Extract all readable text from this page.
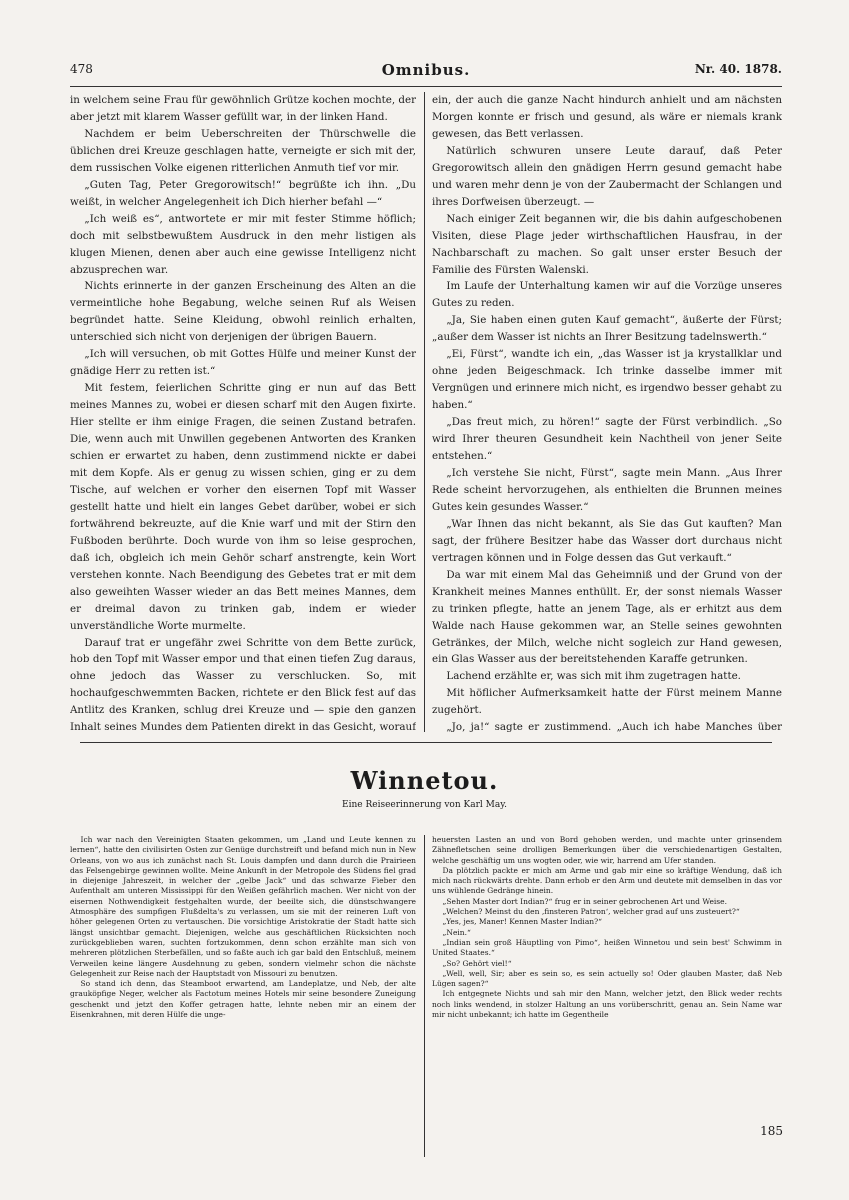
478	Omnibus.	Nr. 40. 1878.

in welchem seine Frau für gewöhnlich Grütze kochen mochte, der aber jetzt mit klarem Wasser gefüllt war, in der linken Hand.

Nachdem er beim Ueberschreiten der Thürschwelle die üblichen drei Kreuze geschlagen hatte, verneigte er sich mit der, dem russischen Volke eigenen ritterlichen Anmuth tief vor mir.

„Guten Tag, Peter Gregorowitsch!“ begrüßte ich ihn. „Du weißt, in welcher Angelegenheit ich Dich hierher befahl —“

„Ich weiß es“, antwortete er mir mit fester Stimme höflich; doch mit selbstbewußtem Ausdruck in den mehr listigen als klugen Mienen, denen aber auch eine gewisse Intelligenz nicht abzusprechen war.

Nichts erinnerte in der ganzen Erscheinung des Alten an die vermeintliche hohe Begabung, welche seinen Ruf als Weisen begründet hatte. Seine Kleidung, obwohl reinlich erhalten, unterschied sich nicht von derjenigen der übrigen Bauern.

„Ich will versuchen, ob mit Gottes Hülfe und meiner Kunst der gnädige Herr zu retten ist.“

Mit festem, feierlichen Schritte ging er nun auf das Bett meines Mannes zu, wobei er diesen scharf mit den Augen fixirte. Hier stellte er ihm einige Fragen, die seinen Zustand betrafen. Die, wenn auch mit Unwillen gegebenen Antworten des Kranken schien er erwartet zu haben, denn zustimmend nickte er dabei mit dem Kopfe. Als er genug zu wissen schien, ging er zu dem Tische, auf welchen er vorher den eisernen Topf mit Wasser gestellt hatte und hielt ein langes Gebet darüber, wobei er sich fortwährend bekreuzte, auf die Knie warf und mit der Stirn den Fußboden berührte. Doch wurde von ihm so leise gesprochen, daß ich, obgleich ich mein Gehör scharf anstrengte, kein Wort verstehen konnte. Nach Beendigung des Gebetes trat er mit dem also geweihten Wasser wieder an das Bett meines Mannes, dem er dreimal davon zu trinken gab, indem er wieder unverständliche Worte murmelte.

Darauf trat er ungefähr zwei Schritte von dem Bette zurück, hob den Topf mit Wasser empor und that einen tiefen Zug daraus, ohne jedoch das Wasser zu verschlucken. So, mit hochaufgeschwemmten Backen, richtete er den Blick fest auf das Antlitz des Kranken, schlug drei Kreuze und — spie den ganzen Inhalt seines Mundes dem Patienten direkt in das Gesicht, worauf

ein, der auch die ganze Nacht hindurch anhielt und am nächsten Morgen konnte er frisch und gesund, als wäre er niemals krank gewesen, das Bett verlassen.

Natürlich schwuren unsere Leute darauf, daß Peter Gregorowitsch allein den gnädigen Herrn gesund gemacht habe und waren mehr denn je von der Zaubermacht der Schlangen und ihres Dorfweisen überzeugt. —

Nach einiger Zeit begannen wir, die bis dahin aufgeschobenen Visiten, diese Plage jeder wirthschaftlichen Hausfrau, in der Nachbarschaft zu machen. So galt unser erster Besuch der Familie des Fürsten Walenski.

Im Laufe der Unterhaltung kamen wir auf die Vorzüge unseres Gutes zu reden.

„Ja, Sie haben einen guten Kauf gemacht“, äußerte der Fürst; „außer dem Wasser ist nichts an Ihrer Besitzung tadelnswerth.“

„Ei, Fürst“, wandte ich ein, „das Wasser ist ja krystallklar und ohne jeden Beigeschmack. Ich trinke dasselbe immer mit Vergnügen und erinnere mich nicht, es irgendwo besser gehabt zu haben.“

„Das freut mich, zu hören!“ sagte der Fürst verbindlich. „So wird Ihrer theuren Gesundheit kein Nachtheil von jener Seite entstehen.“

„Ich verstehe Sie nicht, Fürst“, sagte mein Mann. „Aus Ihrer Rede scheint hervorzugehen, als enthielten die Brunnen meines Gutes kein gesundes Wasser.“

„War Ihnen das nicht bekannt, als Sie das Gut kauften? Man sagt, der frühere Besitzer habe das Wasser dort durchaus nicht vertragen können und in Folge dessen das Gut verkauft.“

Da war mit einem Mal das Geheimniß und der Grund von der Krankheit meines Mannes enthüllt. Er, der sonst niemals Wasser zu trinken pflegte, hatte an jenem Tage, als er erhitzt aus dem Walde nach Hause gekommen war, an Stelle seines gewohnten Getränkes, der Milch, welche nicht sogleich zur Hand gewesen, ein Glas Wasser aus der bereitstehenden Karaffe getrunken.

Lachend erzählte er, was sich mit ihm zugetragen hatte.

Mit höflicher Aufmerksamkeit hatte der Fürst meinem Manne zugehört.

„Jo, ja!“ sagte er zustimmend. „Auch ich habe Manches über

Winnetou.
Eine Reiseerinnerung von Karl May.

Ich war nach den Vereinigten Staaten gekommen, um „Land und Leute kennen zu lernen“, hatte den civilisirten Osten zur Genüge durchstreift und befand mich nun in New Orleans, von wo aus ich zunächst nach St. Louis dampfen und dann durch die Prairieen das Felsengebirge gewinnen wollte. Meine Ankunft in der Metropole des Südens fiel grad in diejenige Jahreszeit, in welcher der „gelbe Jack“ und das schwarze Fieber den Aufenthalt am unteren Mississippi für den Weißen gefährlich machen. Wer nicht von der eisernen Nothwendigkeit festgehalten wurde, der beeilte sich, die dünstschwangere Atmosphäre des sumpfigen Flußdelta's zu verlassen, um sie mit der reineren Luft von höher gelegenen Orten zu vertauschen. Die vorsichtige Aristokratie der Stadt hatte sich längst unsichtbar gemacht. Diejenigen, welche aus geschäftlichen Rücksichten noch zurückgeblieben waren, suchten fortzukommen, denn schon erzählte man sich von mehreren plötzlichen Sterbefällen, und so faßte auch ich gar bald den Entschluß, meinem Verweilen keine längere Ausdehnung zu geben, sondern vielmehr schon die nächste Gelegenheit zur Reise nach der Hauptstadt von Missouri zu benutzen.

So stand ich denn, das Steamboot erwartend, am Landeplatze, und Neb, der alte grauköpfige Neger, welcher als Factotum meines Hotels mir seine besondere Zuneigung geschenkt und jetzt den Koffer getragen hatte, lehnte neben mir an einem der Eisenkrahnen, mit deren Hülfe die unge-

heuersten Lasten an und von Bord gehoben werden, und machte unter grinsendem Zähnefletschen seine drolligen Bemerkungen über die verschiedenartigen Gestalten, welche geschäftig um uns wogten oder, wie wir, harrend am Ufer standen.

Da plötzlich packte er mich am Arme und gab mir eine so kräftige Wendung, daß ich mich nach rückwärts drehte. Dann erhob er den Arm und deutete mit demselben in das vor uns wühlende Gedränge hinein.

„Sehen Master dort Indian?“ frug er in seiner gebrochenen Art und Weise.

„Welchen? Meinst du den ‚finsteren Patron‘, welcher grad auf uns zusteuert?“

„Yes, jes, Maner! Kennen Master Indian?“

„Nein.“

„Indian sein groß Häuptling von Pimo“, heißen Winnetou und sein best' Schwimm in United Staates.“

„So? Gehört viel!“

„Well, well, Sir; aber es sein so, es sein actuelly so! Oder glauben Master, daß Neb Lügen sagen?“

Ich entgegnete Nichts und sah mir den Mann, welcher jetzt, den Blick weder rechts noch links wendend, in stolzer Haltung an uns vorüberschritt, genau an. Sein Name war mir nicht unbekannt; ich hatte im Gegentheile

185
